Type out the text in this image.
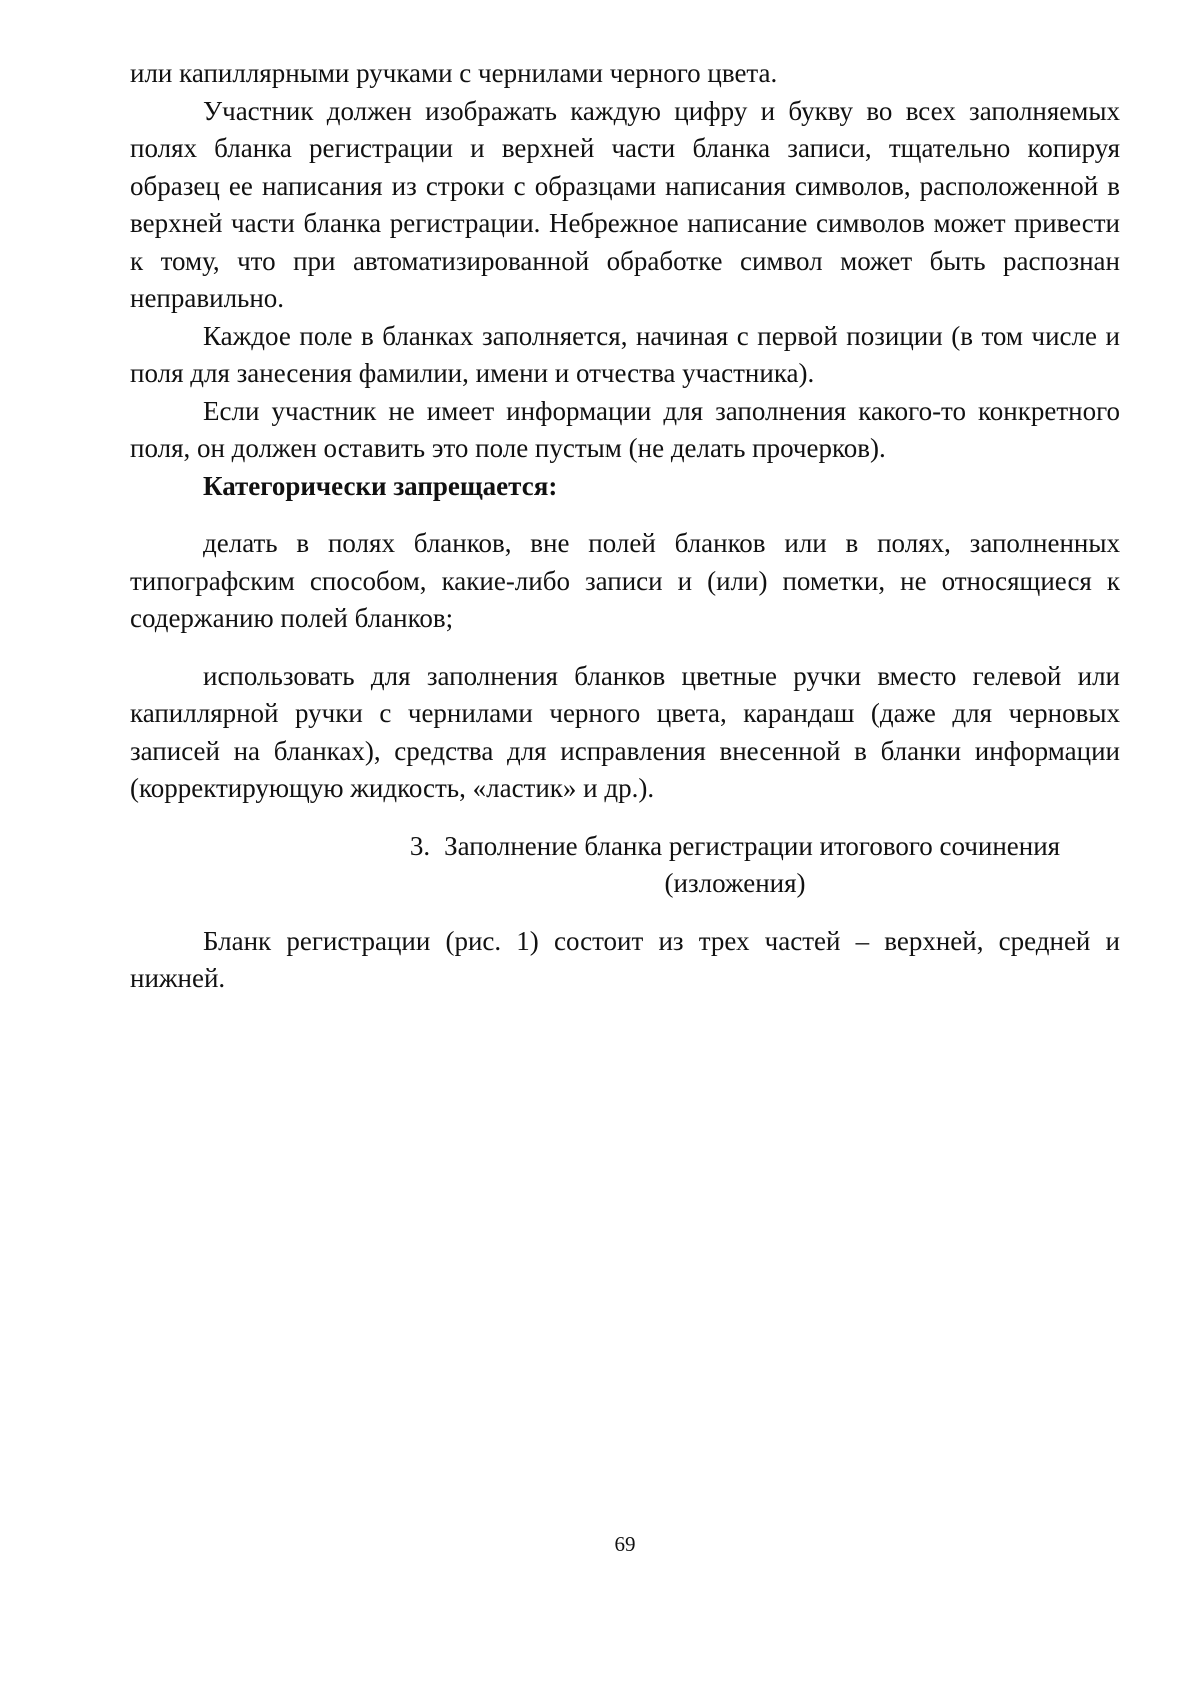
или капиллярными ручками с чернилами черного цвета.

Участник должен изображать каждую цифру и букву во всех заполняемых полях бланка регистрации и верхней части бланка записи, тщательно копируя образец ее написания из строки с образцами написания символов, расположенной в верхней части бланка регистрации. Небрежное написание символов может привести к тому, что при автоматизированной обработке символ может быть распознан неправильно.

Каждое поле в бланках заполняется, начиная с первой позиции (в том числе и поля для занесения фамилии, имени и отчества участника).

Если участник не имеет информации для заполнения какого-то конкретного поля, он должен оставить это поле пустым (не делать прочерков).

Категорически запрещается:

делать в полях бланков, вне полей бланков или в полях, заполненных типографским способом, какие-либо записи и (или) пометки, не относящиеся к содержанию полей бланков;

использовать для заполнения бланков цветные ручки вместо гелевой или капиллярной ручки с чернилами черного цвета, карандаш (даже для черновых записей на бланках), средства для исправления внесенной в бланки информации (корректирующую жидкость, «ластик» и др.).

3. Заполнение бланка регистрации итогового сочинения
(изложения)

Бланк регистрации (рис. 1) состоит из трех частей – верхней, средней и нижней.

69
